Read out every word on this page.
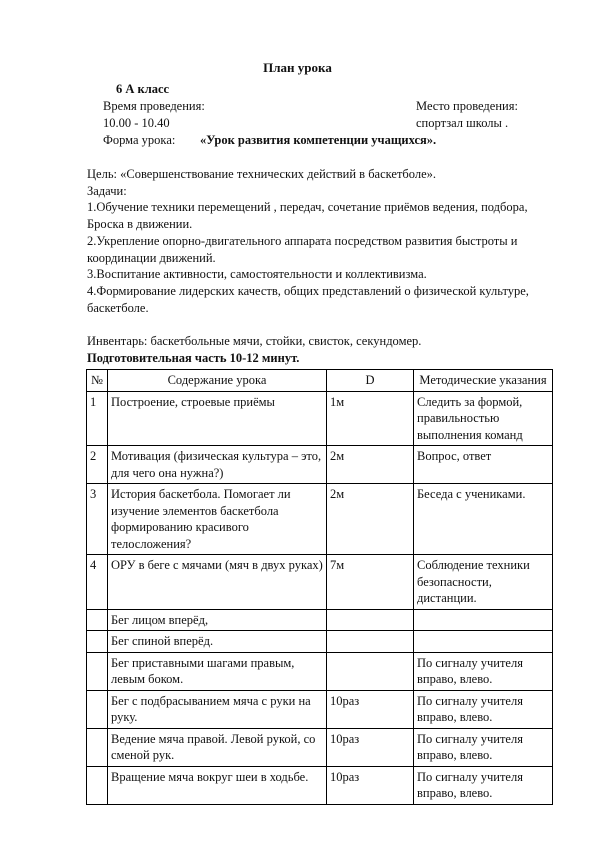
План урока
6 А класс
Время проведения:	Место проведения:
10.00 - 10.40	спортзал школы .
Форма урока: «Урок развития компетенции учащихся».

Цель: «Совершенствование технических действий в баскетболе».

Задачи:

1.Обучение техники перемещений , передач, сочетание приёмов ведения, подбора, Броска в движении.

2.Укрепление опорно-двигательного аппарата посредством развития быстроты и координации движений.

3.Воспитание активности, самостоятельности и коллективизма.

4.Формирование лидерских качеств, общих представлений о физической культуре, баскетболе.

Инвентарь: баскетбольные мячи, стойки, свисток, секундомер.

Подготовительная часть 10-12 минут.

№	Содержание урока	D	Методические указания
1	Построение, строевые приёмы	1м	Следить за формой, правильностью выполнения команд
2	Мотивация (физическая культура – это, для чего она нужна?)	2м	Вопрос, ответ
3	История баскетбола. Помогает ли изучение элементов баскетбола формированию красивого телосложения?	2м	Беседа с учениками.
4	ОРУ в беге с мячами (мяч в двух руках)	7м	Соблюдение техники безопасности, дистанции.
	Бег лицом вперёд,		
	Бег спиной вперёд.		
	Бег приставными шагами правым, левым боком.		По сигналу учителя вправо, влево.
	Бег с подбрасыванием мяча с руки на руку.	10раз	По сигналу учителя вправо, влево.
	Ведение мяча правой. Левой рукой, со сменой рук.	10раз	По сигналу учителя вправо, влево.
	Вращение мяча вокруг шеи в ходьбе.	10раз	По сигналу учителя вправо, влево.
